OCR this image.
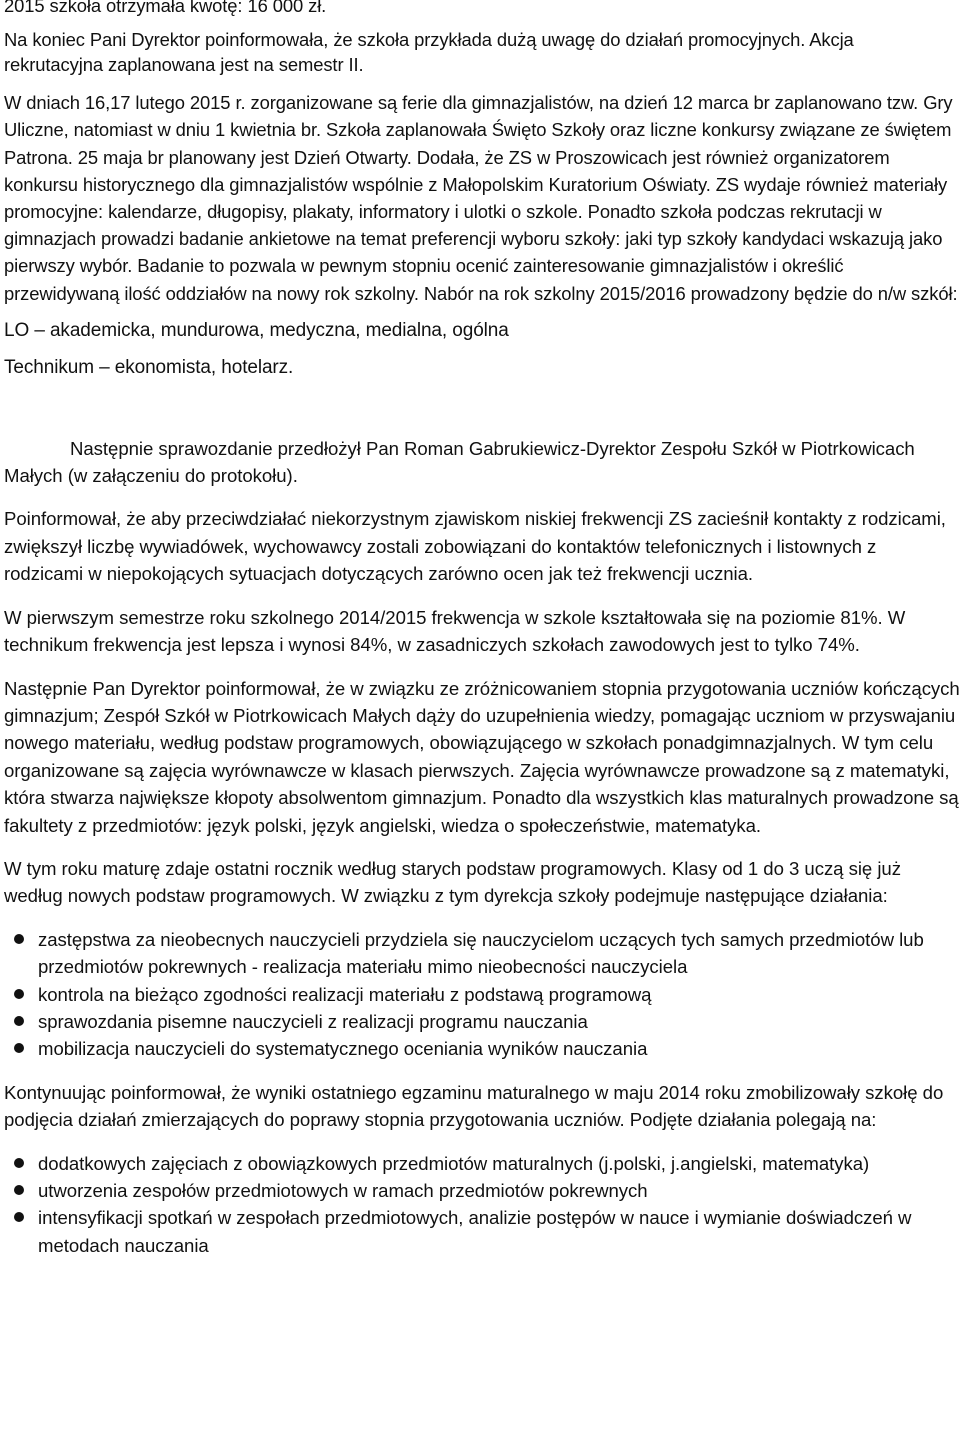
2015 szkoła otrzymała kwotę: 16 000 zł.

Na koniec Pani Dyrektor poinformowała, że szkoła przykłada dużą uwagę do działań promocyjnych. Akcja rekrutacyjna zaplanowana jest na semestr II.

W dniach 16,17 lutego 2015 r. zorganizowane są ferie dla gimnazjalistów, na dzień 12 marca br zaplanowano tzw. Gry Uliczne, natomiast w dniu 1 kwietnia br. Szkoła zaplanowała Święto Szkoły oraz liczne konkursy związane ze świętem Patrona. 25 maja br planowany jest Dzień Otwarty. Dodała, że ZS w Proszowicach jest również organizatorem konkursu historycznego dla gimnazjalistów wspólnie z Małopolskim Kuratorium Oświaty. ZS wydaje również materiały promocyjne: kalendarze, długopisy, plakaty, informatory i ulotki o szkole. Ponadto szkoła podczas rekrutacji w gimnazjach prowadzi badanie ankietowe na temat preferencji wyboru szkoły: jaki typ szkoły kandydaci wskazują jako pierwszy wybór. Badanie to pozwala w pewnym stopniu ocenić zainteresowanie gimnazjalistów i określić przewidywaną ilość oddziałów na nowy rok szkolny. Nabór na rok szkolny 2015/2016 prowadzony będzie do n/w szkół:

LO – akademicka, mundurowa, medyczna, medialna, ogólna

Technikum – ekonomista, hotelarz.

Następnie sprawozdanie przedłożył Pan Roman Gabrukiewicz-Dyrektor Zespołu Szkół w Piotrkowicach Małych (w załączeniu do protokołu).

Poinformował, że aby przeciwdziałać niekorzystnym zjawiskom niskiej frekwencji ZS zacieśnił kontakty z rodzicami, zwiększył liczbę wywiadówek, wychowawcy zostali zobowiązani do kontaktów telefonicznych i listownych z rodzicami w niepokojących sytuacjach dotyczących zarówno ocen jak też frekwencji ucznia.

W pierwszym semestrze roku szkolnego 2014/2015 frekwencja w szkole kształtowała się na poziomie 81%. W technikum frekwencja jest lepsza i wynosi 84%, w zasadniczych szkołach zawodowych jest to tylko 74%.

Następnie Pan Dyrektor poinformował, że w związku ze zróżnicowaniem stopnia przygotowania uczniów kończących gimnazjum; Zespół Szkół w Piotrkowicach Małych dąży do uzupełnienia wiedzy, pomagając uczniom w przyswajaniu nowego materiału, według podstaw programowych, obowiązującego w szkołach ponadgimnazjalnych. W tym celu organizowane są zajęcia wyrównawcze w klasach pierwszych. Zajęcia wyrównawcze prowadzone są z matematyki, która stwarza największe kłopoty absolwentom gimnazjum. Ponadto dla wszystkich klas maturalnych prowadzone są fakultety z przedmiotów: język polski, język angielski, wiedza o społeczeństwie, matematyka.

W tym roku maturę zdaje ostatni rocznik według starych podstaw programowych. Klasy od 1 do 3 uczą się już według nowych podstaw programowych. W związku z tym dyrekcja szkoły podejmuje następujące działania:

zastępstwa za nieobecnych nauczycieli przydziela się nauczycielom uczących tych samych przedmiotów lub przedmiotów pokrewnych - realizacja materiału mimo nieobecności nauczyciela
kontrola na bieżąco zgodności realizacji materiału z podstawą programową
sprawozdania pisemne nauczycieli z realizacji programu nauczania
mobilizacja nauczycieli do systematycznego oceniania wyników nauczania

Kontynuując poinformował, że wyniki ostatniego egzaminu maturalnego w maju 2014 roku zmobilizowały szkołę do podjęcia działań zmierzających do poprawy stopnia przygotowania uczniów. Podjęte działania polegają na:

dodatkowych zajęciach z obowiązkowych przedmiotów maturalnych (j.polski, j.angielski, matematyka)
utworzenia zespołów przedmiotowych w ramach przedmiotów pokrewnych
intensyfikacji spotkań w zespołach przedmiotowych, analizie postępów w nauce i wymianie doświadczeń w metodach nauczania
